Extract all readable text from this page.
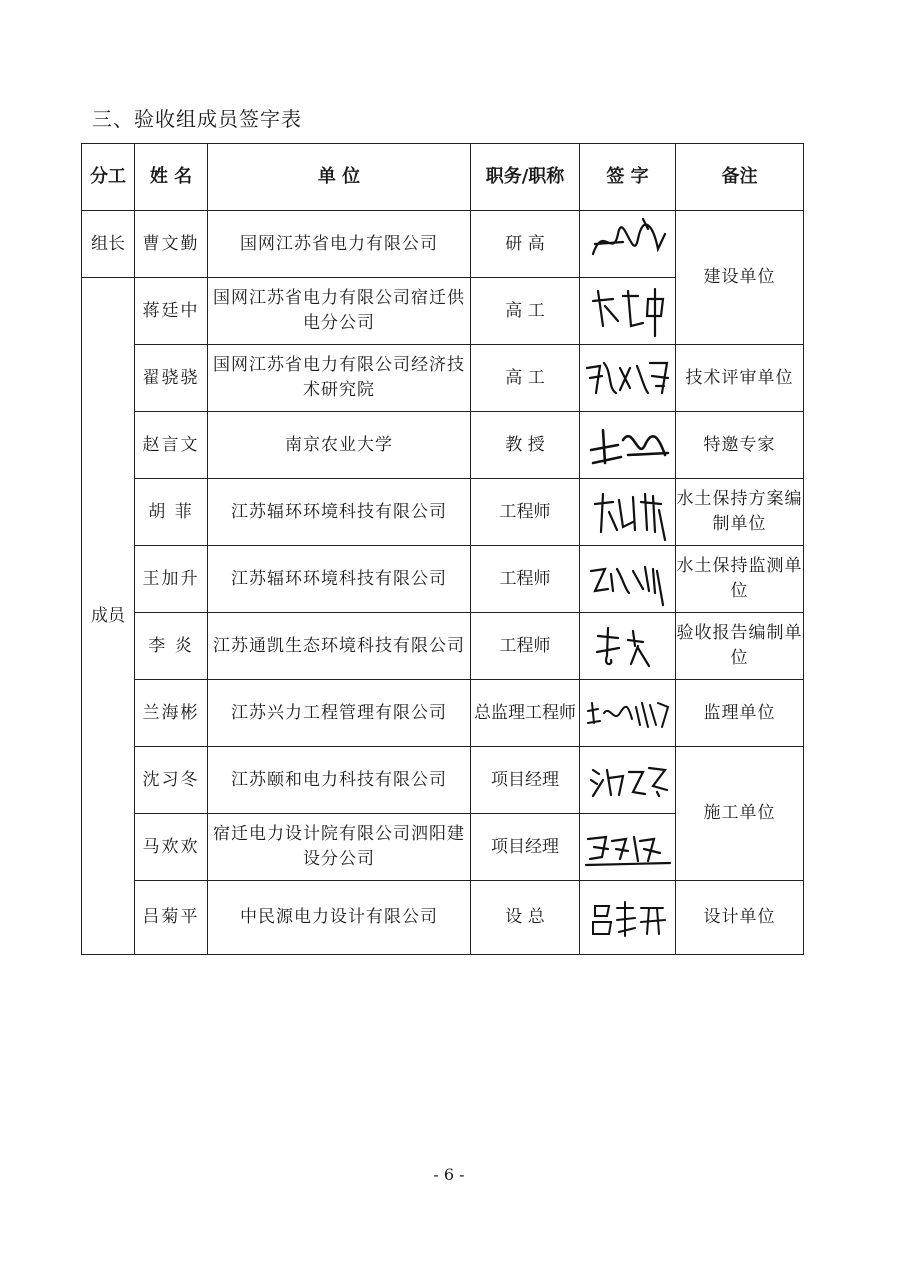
三、验收组成员签字表
分工	姓 名	单 位	职务/职称	签 字	备注
组长	曹文勤	国网江苏省电力有限公司	研 高		建设单位
成员	蒋廷中	国网江苏省电力有限公司宿迁供电分公司	高 工	

	翟骁骁	国网江苏省电力有限公司经济技术研究院	高 工		技术评审单位
	赵言文	南京农业大学	教 授		特邀专家
	胡 菲	江苏辐环环境科技有限公司	工程师		水土保持方案编制单位
	王加升	江苏辐环环境科技有限公司	工程师		水土保持监测单位
	李 炎	江苏通凯生态环境科技有限公司	工程师		验收报告编制单位
	兰海彬	江苏兴力工程管理有限公司	总监理工程师		监理单位
	沈习冬	江苏颐和电力科技有限公司	项目经理		施工单位
	马欢欢	宿迁电力设计院有限公司泗阳建设分公司	项目经理	

	吕菊平	中民源电力设计有限公司	设 总		设计单位
- 6 -
